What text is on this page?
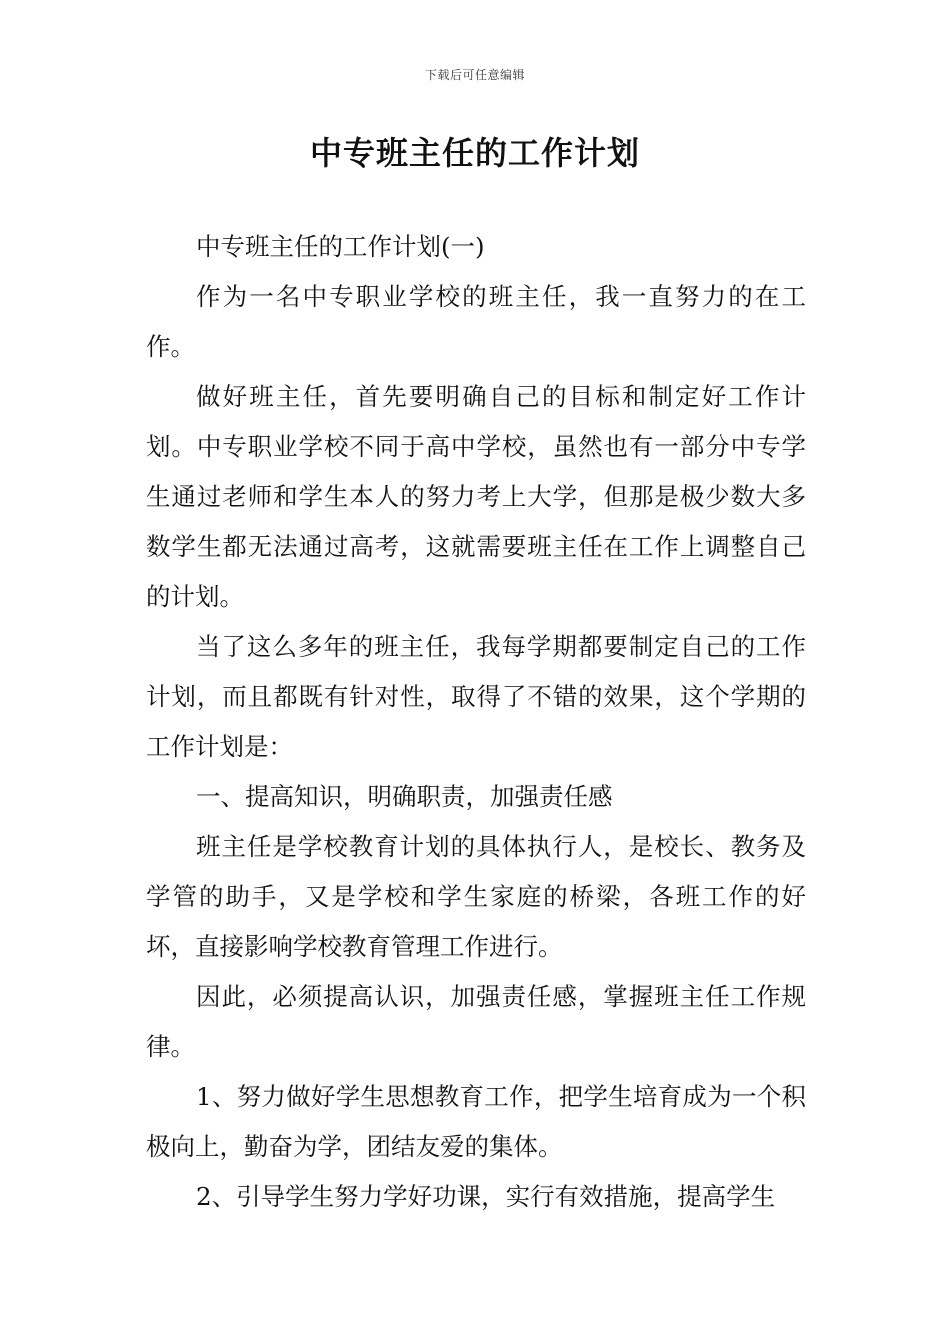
下载后可任意编辑
中专班主任的工作计划

中专班主任的工作计划(一)

作为一名中专职业学校的班主任，我一直努力的在工作。

做好班主任，首先要明确自己的目标和制定好工作计划。中专职业学校不同于高中学校，虽然也有一部分中专学生通过老师和学生本人的努力考上大学，但那是极少数大多数学生都无法通过高考，这就需要班主任在工作上调整自己的计划。

当了这么多年的班主任，我每学期都要制定自己的工作计划，而且都既有针对性，取得了不错的效果，这个学期的工作计划是：

一、提高知识，明确职责，加强责任感

班主任是学校教育计划的具体执行人，是校长、教务及学管的助手，又是学校和学生家庭的桥梁，各班工作的好坏，直接影响学校教育管理工作进行。

因此，必须提高认识，加强责任感，掌握班主任工作规律。

1、努力做好学生思想教育工作，把学生培育成为一个积极向上，勤奋为学，团结友爱的集体。

2、引导学生努力学好功课，实行有效措施，提高学生
